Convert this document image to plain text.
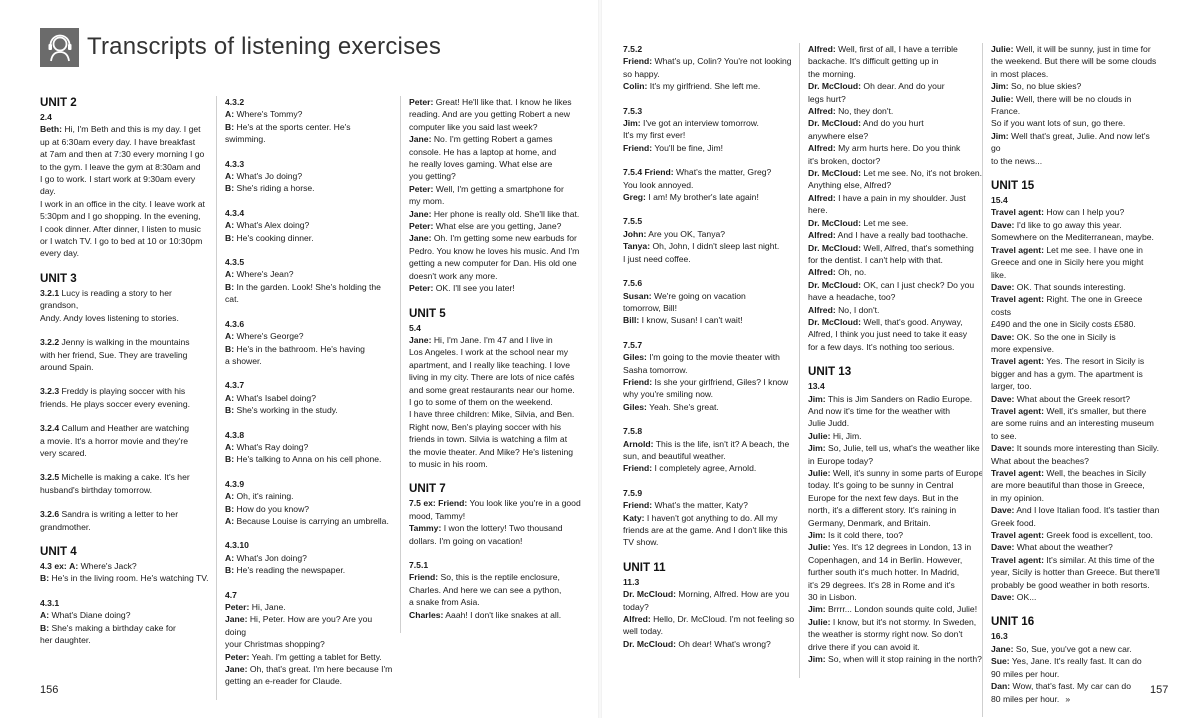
Transcripts of listening exercises
UNIT 2
2.4
Beth: Hi, I'm Beth and this is my day. I get
up at 6:30am every day. I have breakfast
at 7am and then at 7:30 every morning I go
to the gym. I leave the gym at 8:30am and
I go to work. I start work at 9:30am every day.
I work in an office in the city. I leave work at
5:30pm and I go shopping. In the evening,
I cook dinner. After dinner, I listen to music
or I watch TV. I go to bed at 10 or 10:30pm
every day.
UNIT 3
3.2.1 Lucy is reading a story to her grandson,
Andy. Andy loves listening to stories.
3.2.2 Jenny is walking in the mountains
with her friend, Sue. They are traveling
around Spain.
3.2.3 Freddy is playing soccer with his
friends. He plays soccer every evening.
3.2.4 Callum and Heather are watching
a movie. It's a horror movie and they're
very scared.
3.2.5 Michelle is making a cake. It's her
husband's birthday tomorrow.
3.2.6 Sandra is writing a letter to her
grandmother.
UNIT 4
4.3 ex: A: Where's Jack?
B: He's in the living room. He's watching TV.
4.3.1
A: What's Diane doing?
B: She's making a birthday cake for
her daughter.
4.3.2
A: Where's Tommy?
B: He's at the sports center. He's swimming.
4.3.3
A: What's Jo doing?
B: She's riding a horse.
4.3.4
A: What's Alex doing?
B: He's cooking dinner.
4.3.5
A: Where's Jean?
B: In the garden. Look! She's holding the cat.
4.3.6
A: Where's George?
B: He's in the bathroom. He's having
a shower.
4.3.7
A: What's Isabel doing?
B: She's working in the study.
4.3.8
A: What's Ray doing?
B: He's talking to Anna on his cell phone.
4.3.9
A: Oh, it's raining.
B: How do you know?
A: Because Louise is carrying an umbrella.
4.3.10
A: What's Jon doing?
B: He's reading the newspaper.
4.7
Peter: Hi, Jane.
Jane: Hi, Peter. How are you? Are you doing
your Christmas shopping?
Peter: Yeah. I'm getting a tablet for Betty.
Jane: Oh, that's great. I'm here because I'm
getting an e-reader for Claude.
Peter: Great! He'll like that. I know he likes
reading. And are you getting Robert a new
computer like you said last week?
Jane: No. I'm getting Robert a games
console. He has a laptop at home, and
he really loves gaming. What else are
you getting?
Peter: Well, I'm getting a smartphone for
my mom.
Jane: Her phone is really old. She'll like that.
Peter: What else are you getting, Jane?
Jane: Oh. I'm getting some new earbuds for
Pedro. You know he loves his music. And I'm
getting a new computer for Dan. His old one
doesn't work any more.
Peter: OK. I'll see you later!
UNIT 5
5.4
Jane: Hi, I'm Jane. I'm 47 and I live in
Los Angeles. I work at the school near my
apartment, and I really like teaching. I love
living in my city. There are lots of nice cafés
and some great restaurants near our home.
I go to some of them on the weekend.
I have three children: Mike, Silvia, and Ben.
Right now, Ben's playing soccer with his
friends in town. Silvia is watching a film at
the movie theater. And Mike? He's listening
to music in his room.
UNIT 7
7.5 ex: Friend: You look like you're in a good
mood, Tammy!
Tammy: I won the lottery! Two thousand
dollars. I'm going on vacation!
7.5.1
Friend: So, this is the reptile enclosure,
Charles. And here we can see a python,
a snake from Asia.
Charles: Aaah! I don't like snakes at all.
156
7.5.2
Friend: What's up, Colin? You're not looking
so happy.
Colin: It's my girlfriend. She left me.
7.5.3
Jim: I've got an interview tomorrow.
It's my first ever!
Friend: You'll be fine, Jim!
7.5.4 Friend: What's the matter, Greg?
You look annoyed.
Greg: I am! My brother's late again!
7.5.5
John: Are you OK, Tanya?
Tanya: Oh, John, I didn't sleep last night.
I just need coffee.
7.5.6
Susan: We're going on vacation
tomorrow, Bill!
Bill: I know, Susan! I can't wait!
7.5.7
Giles: I'm going to the movie theater with
Sasha tomorrow.
Friend: Is she your girlfriend, Giles? I know
why you're smiling now.
Giles: Yeah. She's great.
7.5.8
Arnold: This is the life, isn't it? A beach, the
sun, and beautiful weather.
Friend: I completely agree, Arnold.
7.5.9
Friend: What's the matter, Katy?
Katy: I haven't got anything to do. All my
friends are at the game. And I don't like this
TV show.
UNIT 11
11.3
Dr. McCloud: Morning, Alfred. How are you
today?
Alfred: Hello, Dr. McCloud. I'm not feeling so
well today.
Dr. McCloud: Oh dear! What's wrong?
Alfred: Well, first of all, I have a terrible
backache. It's difficult getting up in
the morning.
Dr. McCloud: Oh dear. And do your
legs hurt?
Alfred: No, they don't.
Dr. McCloud: And do you hurt
anywhere else?
Alfred: My arm hurts here. Do you think
it's broken, doctor?
Dr. McCloud: Let me see. No, it's not broken.
Anything else, Alfred?
Alfred: I have a pain in my shoulder. Just here.
Dr. McCloud: Let me see.
Alfred: And I have a really bad toothache.
Dr. McCloud: Well, Alfred, that's something
for the dentist. I can't help with that.
Alfred: Oh, no.
Dr. McCloud: OK, can I just check? Do you
have a headache, too?
Alfred: No, I don't.
Dr. McCloud: Well, that's good. Anyway,
Alfred, I think you just need to take it easy
for a few days. It's nothing too serious.
UNIT 13
13.4
Jim: This is Jim Sanders on Radio Europe.
And now it's time for the weather with
Julie Judd.
Julie: Hi, Jim.
Jim: So, Julie, tell us, what's the weather like
in Europe today?
Julie: Well, it's sunny in some parts of Europe
today. It's going to be sunny in Central
Europe for the next few days. But in the
north, it's a different story. It's raining in
Germany, Denmark, and Britain.
Jim: Is it cold there, too?
Julie: Yes. It's 12 degrees in London, 13 in
Copenhagen, and 14 in Berlin. However,
further south it's much hotter. In Madrid,
it's 29 degrees. It's 28 in Rome and it's
30 in Lisbon.
Jim: Brrrr... London sounds quite cold, Julie!
Julie: I know, but it's not stormy. In Sweden,
the weather is stormy right now. So don't
drive there if you can avoid it.
Jim: So, when will it stop raining in the north?
Julie: Well, it will be sunny, just in time for
the weekend. But there will be some clouds
in most places.
Jim: So, no blue skies?
Julie: Well, there will be no clouds in France.
So if you want lots of sun, go there.
Jim: Well that's great, Julie. And now let's go
to the news...
UNIT 15
15.4
Travel agent: How can I help you?
Dave: I'd like to go away this year.
Somewhere on the Mediterranean, maybe.
Travel agent: Let me see. I have one in
Greece and one in Sicily here you might like.
Dave: OK. That sounds interesting.
Travel agent: Right. The one in Greece costs
£490 and the one in Sicily costs £580.
Dave: OK. So the one in Sicily is
more expensive.
Travel agent: Yes. The resort in Sicily is
bigger and has a gym. The apartment is
larger, too.
Dave: What about the Greek resort?
Travel agent: Well, it's smaller, but there
are some ruins and an interesting museum
to see.
Dave: It sounds more interesting than Sicily.
What about the beaches?
Travel agent: Well, the beaches in Sicily
are more beautiful than those in Greece,
in my opinion.
Dave: And I love Italian food. It's tastier than
Greek food.
Travel agent: Greek food is excellent, too.
Dave: What about the weather?
Travel agent: It's similar. At this time of the
year, Sicily is hotter than Greece. But there'll
probably be good weather in both resorts.
Dave: OK...
UNIT 16
16.3
Jane: So, Sue, you've got a new car.
Sue: Yes, Jane. It's really fast. It can do
90 miles per hour.
Dan: Wow, that's fast. My car can do
80 miles per hour. »
157
